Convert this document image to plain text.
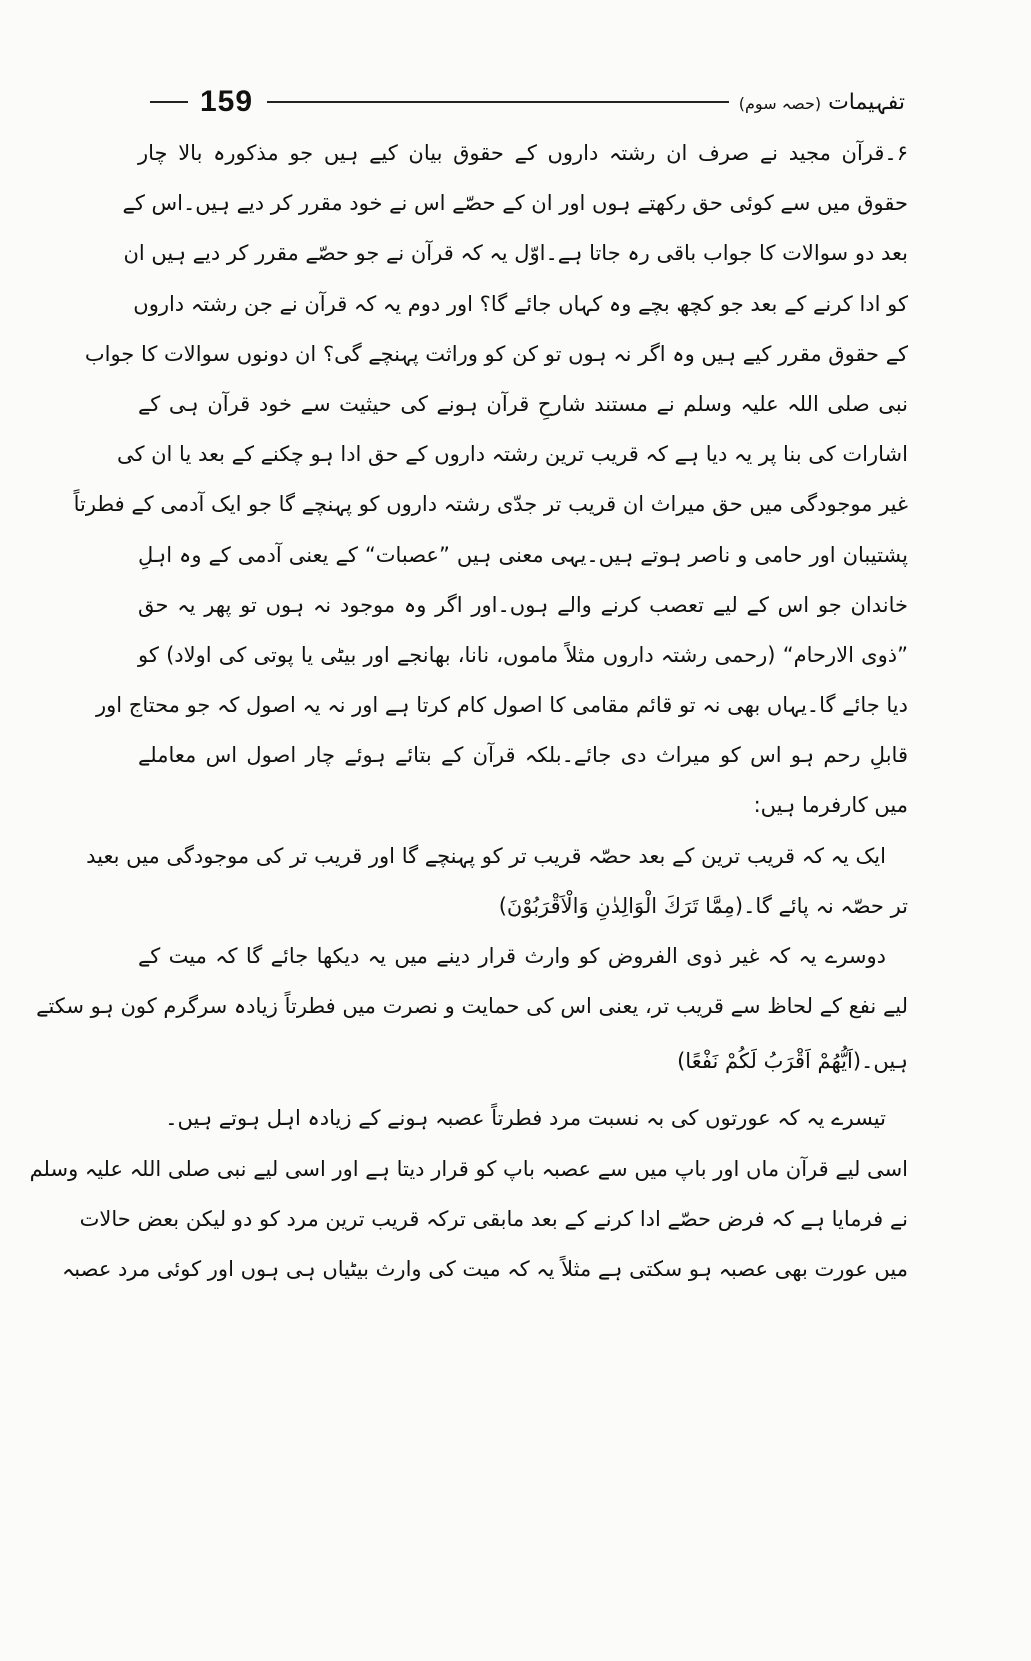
159	تفہیمات (حصہ سوم)
۶۔قرآن مجید نے صرف ان رشتہ داروں کے حقوق بیان کیے ہیں جو مذکورہ بالا چار
حقوق میں سے کوئی حق رکھتے ہوں اور ان کے حصّے اس نے خود مقرر کر دیے ہیں۔اس کے
بعد دو سوالات کا جواب باقی رہ جاتا ہے۔اوّل یہ کہ قرآن نے جو حصّے مقرر کر دیے ہیں ان
کو ادا کرنے کے بعد جو کچھ بچے وہ کہاں جائے گا؟ اور دوم یہ کہ قرآن نے جن رشتہ داروں
کے حقوق مقرر کیے ہیں وہ اگر نہ ہوں تو کن کو وراثت پہنچے گی؟ ان دونوں سوالات کا جواب
نبی صلی اللہ علیہ وسلم نے مستند شارحِ قرآن ہونے کی حیثیت سے خود قرآن ہی کے
اشارات کی بنا پر یہ دیا ہے کہ قریب ترین رشتہ داروں کے حق ادا ہو چکنے کے بعد یا ان کی
غیر موجودگی میں حق میراث ان قریب تر جدّی رشتہ داروں کو پہنچے گا جو ایک آدمی کے فطرتاً
پشتیبان اور حامی و ناصر ہوتے ہیں۔یہی معنی ہیں ”عصبات“ کے یعنی آدمی کے وہ اہلِ
خاندان جو اس کے لیے تعصب کرنے والے ہوں۔اور اگر وہ موجود نہ ہوں تو پھر یہ حق
”ذوی الارحام“ (رحمی رشتہ داروں مثلاً ماموں، نانا، بھانجے اور بیٹی یا پوتی کی اولاد) کو
دیا جائے گا۔یہاں بھی نہ تو قائم مقامی کا اصول کام کرتا ہے اور نہ یہ اصول کہ جو محتاج اور
قابلِ رحم ہو اس کو میراث دی جائے۔بلکہ قرآن کے بتائے ہوئے چار اصول اس معاملے
میں کارفرما ہیں:
ایک یہ کہ قریب ترین کے بعد حصّہ قریب تر کو پہنچے گا اور قریب تر کی موجودگی میں بعید
تر حصّہ نہ پائے گا۔(مِمَّا تَرَكَ الْوَالِدٰنِ وَالْاَقْرَبُوْنَ)
دوسرے یہ کہ غیر ذوی الفروض کو وارث قرار دینے میں یہ دیکھا جائے گا کہ میت کے
لیے نفع کے لحاظ سے قریب تر، یعنی اس کی حمایت و نصرت میں فطرتاً زیادہ سرگرم کون ہو سکتے
ہیں۔(اَيُّهُمْ اَقْرَبُ لَكُمْ نَفْعًا)
تیسرے یہ کہ عورتوں کی بہ نسبت مرد فطرتاً عصبہ ہونے کے زیادہ اہل ہوتے ہیں۔
اسی لیے قرآن ماں اور باپ میں سے عصبہ باپ کو قرار دیتا ہے اور اسی لیے نبی صلی اللہ علیہ وسلم
نے فرمایا ہے کہ فرض حصّے ادا کرنے کے بعد مابقی ترکہ قریب ترین مرد کو دو لیکن بعض حالات
میں عورت بھی عصبہ ہو سکتی ہے مثلاً یہ کہ میت کی وارث بیٹیاں ہی ہوں اور کوئی مرد عصبہ
